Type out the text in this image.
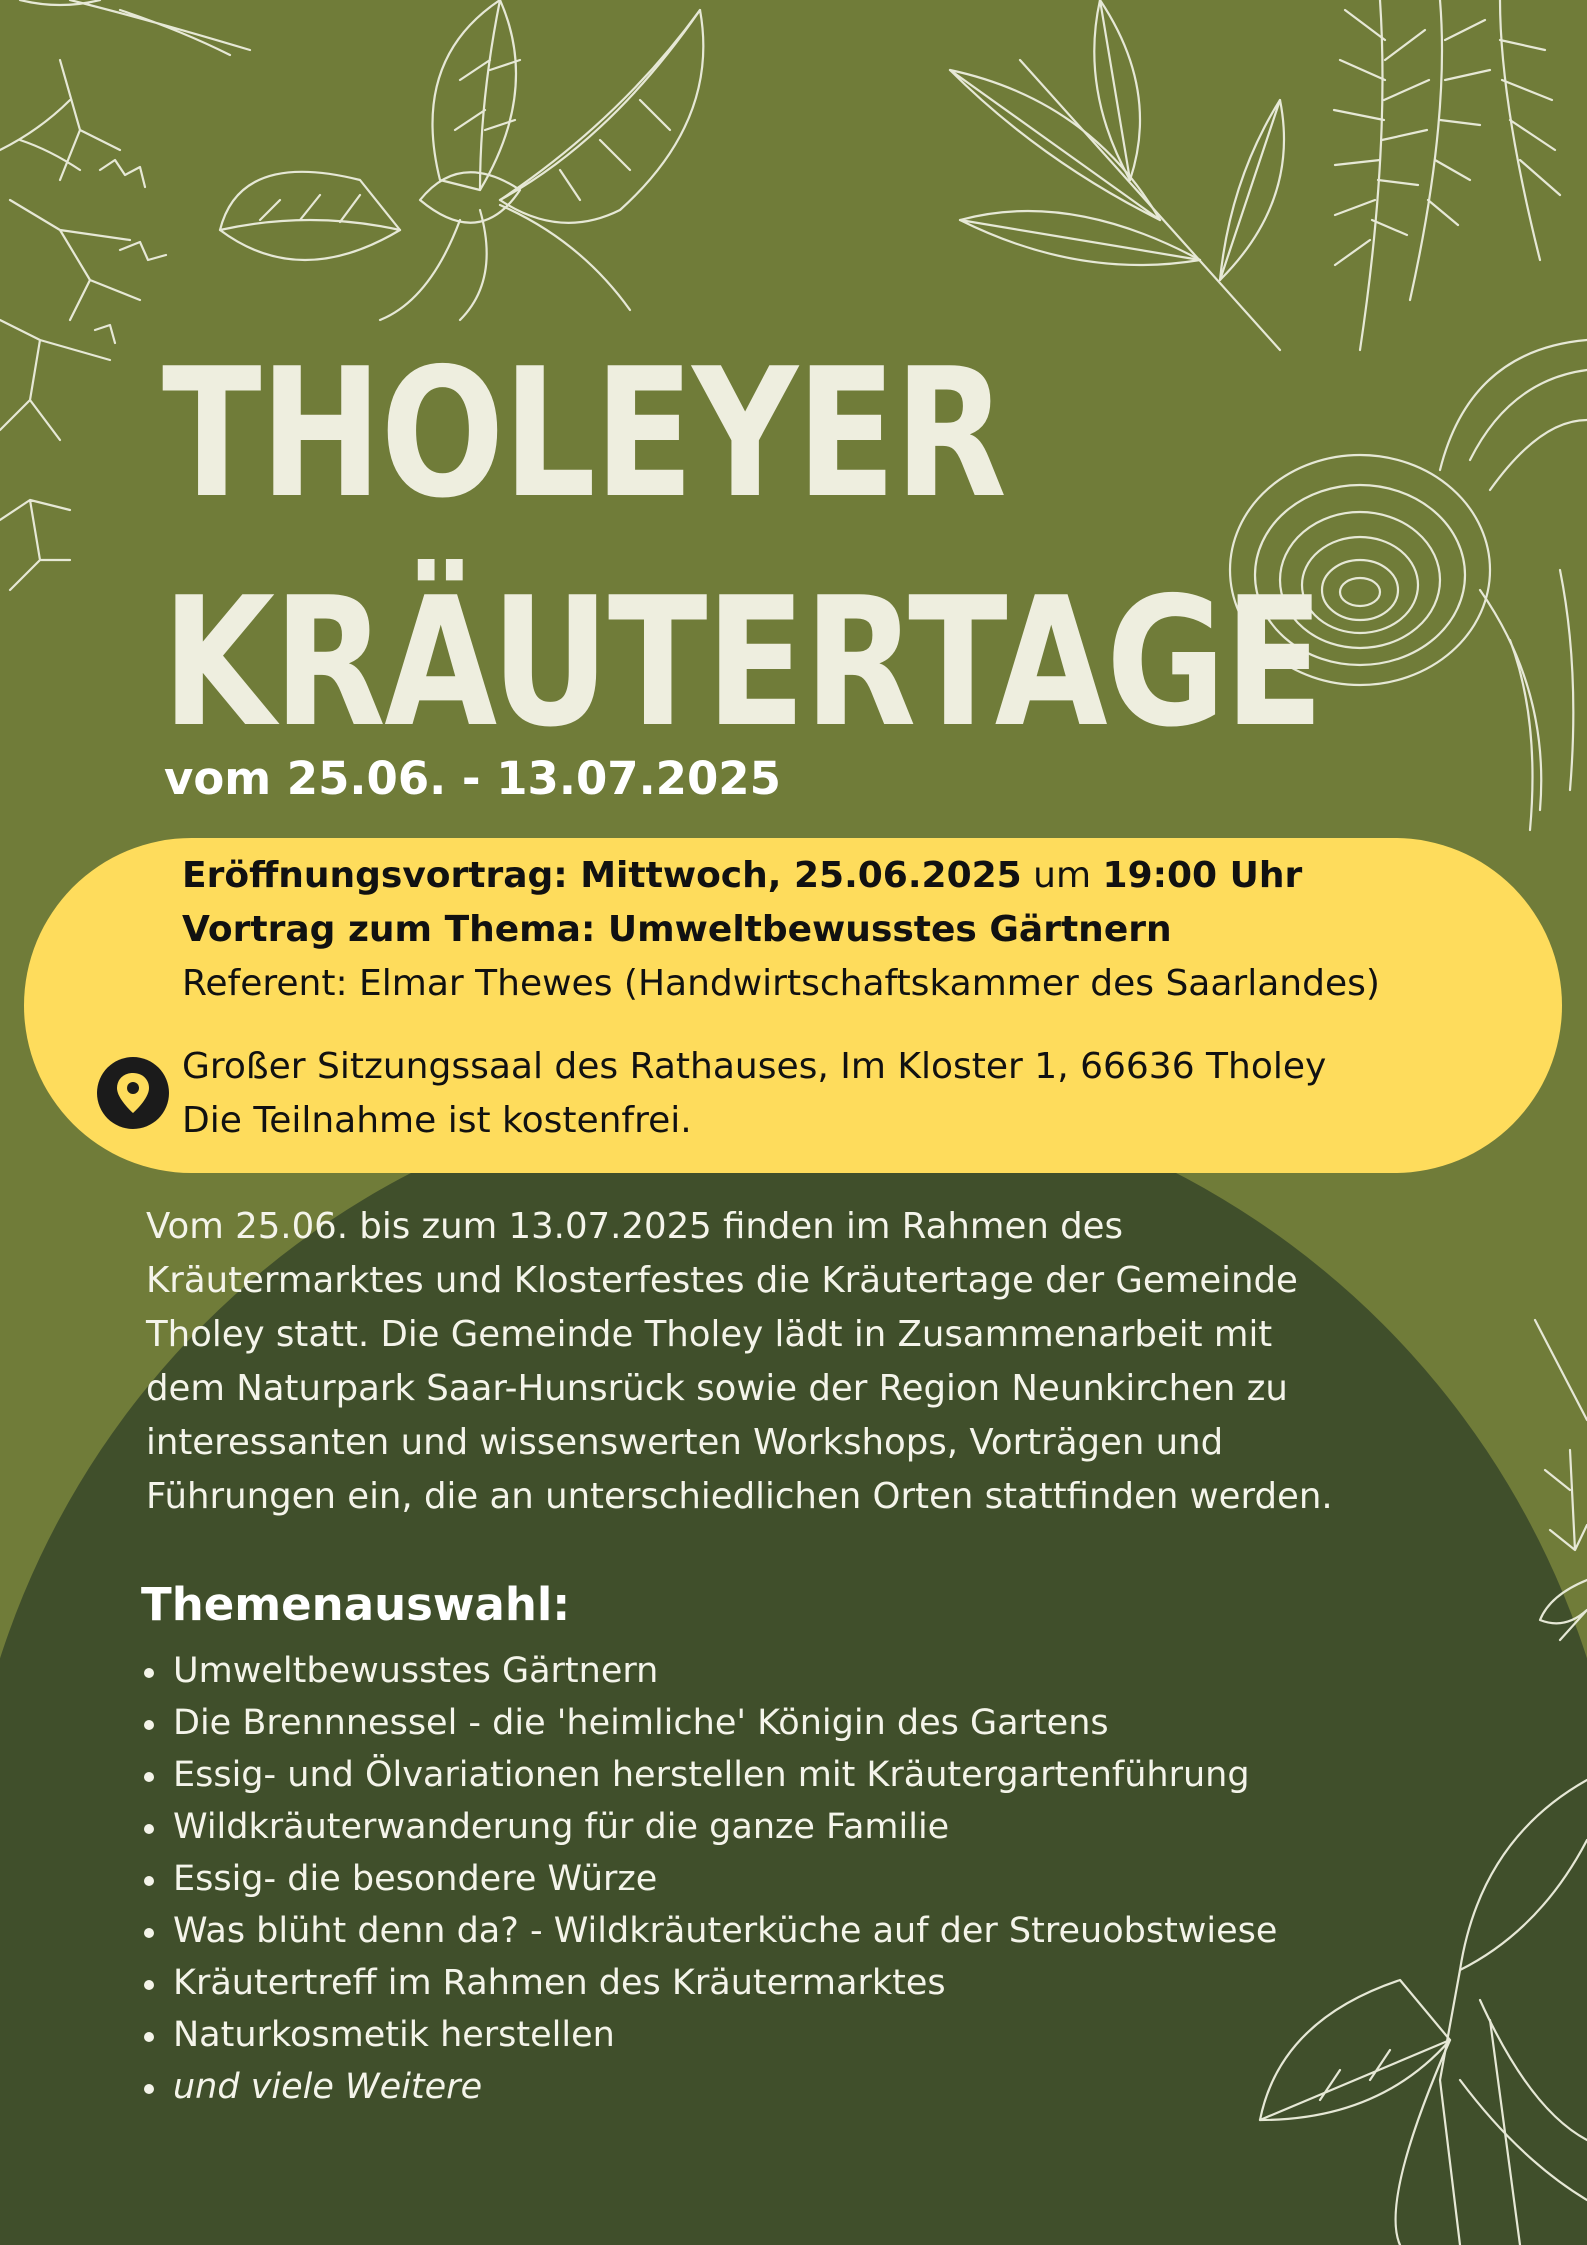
THOLEYER
KRÄUTERTAGE
vom 25.06. - 13.07.2025
Eröffnungsvortrag: Mittwoch, 25.06.2025 um 19:00 Uhr
Vortrag zum Thema: Umweltbewusstes Gärtnern
Referent: Elmar Thewes (Handwirtschaftskammer des Saarlandes)
Großer Sitzungssaal des Rathauses, Im Kloster 1, 66636 Tholey
Die Teilnahme ist kostenfrei.
Vom 25.06. bis zum 13.07.2025 finden im Rahmen des
Kräutermarktes und Klosterfestes die Kräutertage der Gemeinde
Tholey statt. Die Gemeinde Tholey lädt in Zusammenarbeit mit
dem Naturpark Saar-Hunsrück sowie der Region Neunkirchen zu
interessanten und wissenswerten Workshops, Vorträgen und
Führungen ein, die an unterschiedlichen Orten stattfinden werden.
Themenauswahl:
Umweltbewusstes Gärtnern
Die Brennnessel - die 'heimliche' Königin des Gartens
Essig- und Ölvariationen herstellen mit Kräutergartenführung
Wildkräuterwanderung für die ganze Familie
Essig- die besondere Würze
Was blüht denn da? - Wildkräuterküche auf der Streuobstwiese
Kräutertreff im Rahmen des Kräutermarktes
Naturkosmetik herstellen
und viele Weitere
